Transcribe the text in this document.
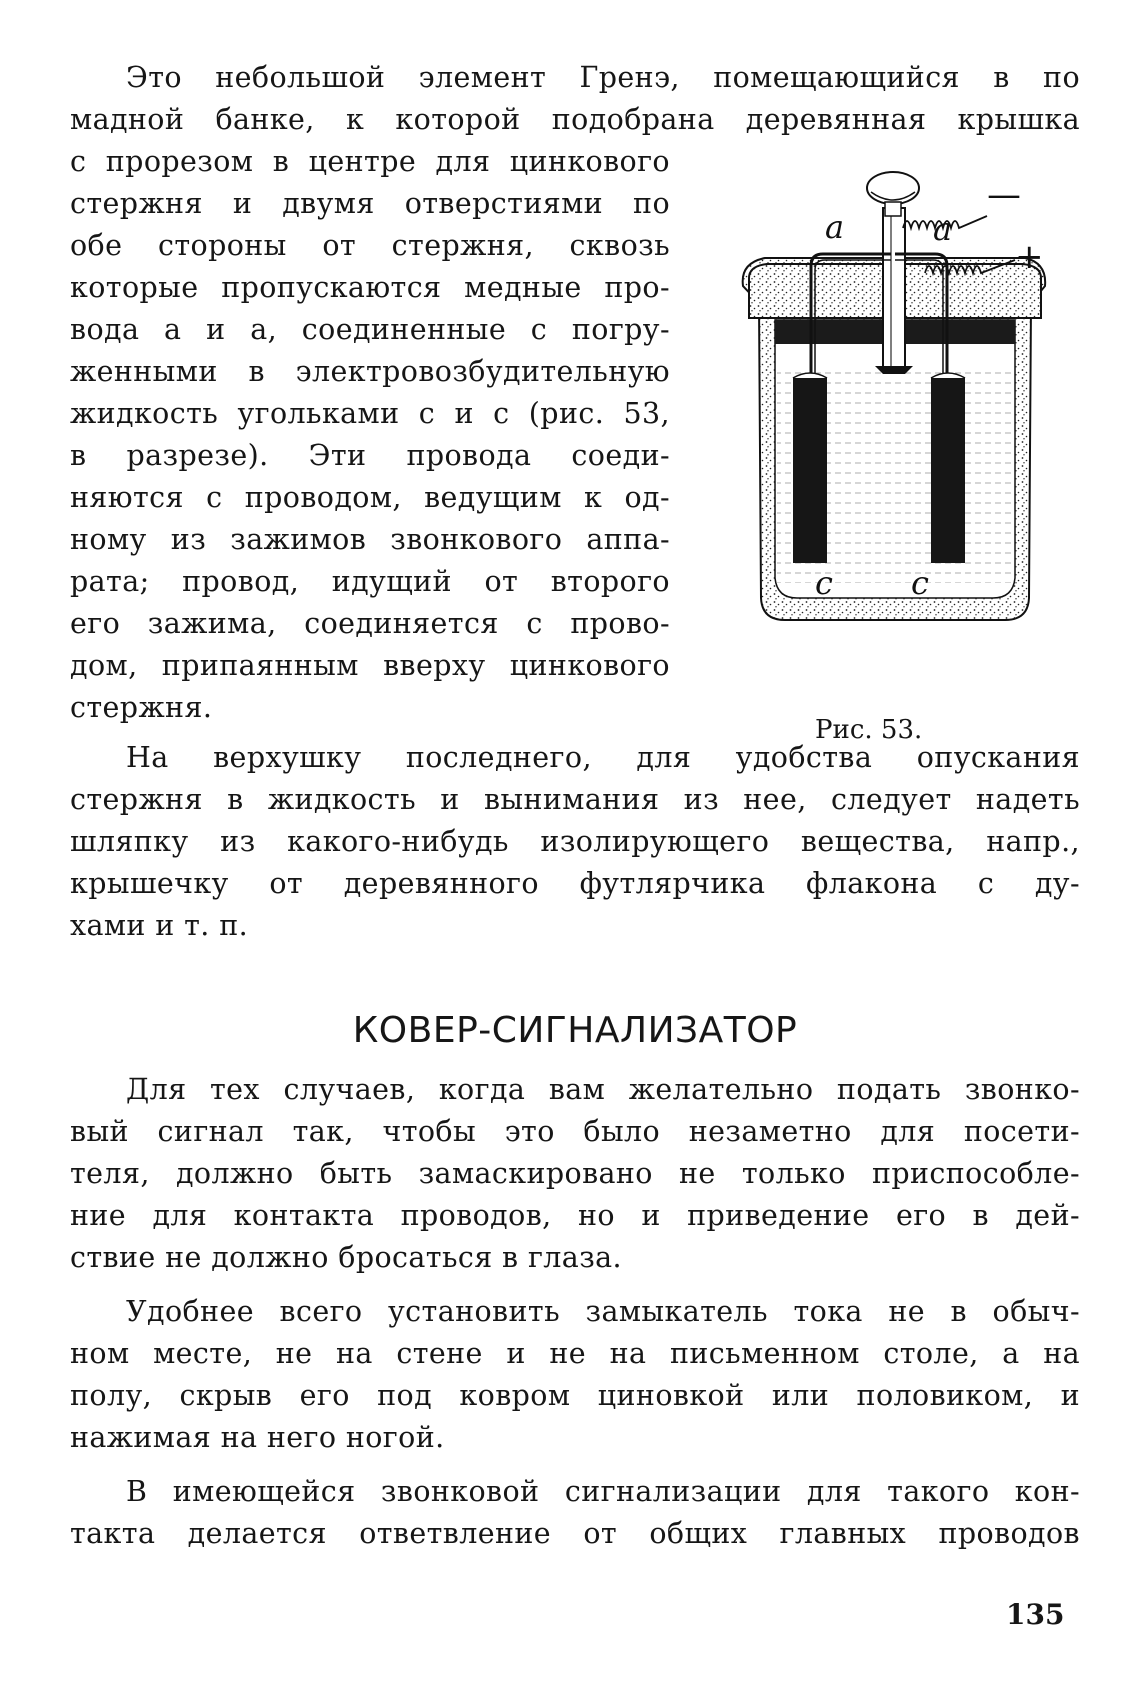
Это небольшой элемент Гренэ, помещающийся в по
мадной банке, к которой подобрана деревянная крышка
с прорезом в центре для цинкового
стержня и двумя отверстиями по
обе стороны от стержня, сквозь
которые пропускаются медные про-
вода а и а, соединенные с погру-
женными в электровозбудительную
жидкость угольками с и с (рис. 53,
в разрезе). Эти провода соеди-
няются с проводом, ведущим к од-
ному из зажимов звонкового аппа-
рата; провод, идущий от второго
его зажима, соединяется с прово-
дом, припаянным вверху цинкового
стержня.
На верхушку последнего, для удобства опускания
стержня в жидкость и вынимания из нее, следует надеть
шляпку из какого-нибудь изолирующего вещества, напр.,
крышечку от деревянного футлярчика флакона с ду-
хами и т. п.
КОВЕР-СИГНАЛИЗАТОР
Для тех случаев, когда вам желательно подать звонко-
вый сигнал так, чтобы это было незаметно для посети-
теля, должно быть замаскировано не только приспособле-
ние для контакта проводов, но и приведение его в дей-
ствие не должно бросаться в глаза.
Удобнее всего установить замыкатель тока не в обыч-
ном месте, не на стене и не на письменном столе, а на
полу, скрыв его под ковром циновкой или половиком, и
нажимая на него ногой.
В имеющейся звонковой сигнализации для такого кон-
такта делается ответвление от общих главных проводов
a	a
—
+
c c
Рис. 53.
135
